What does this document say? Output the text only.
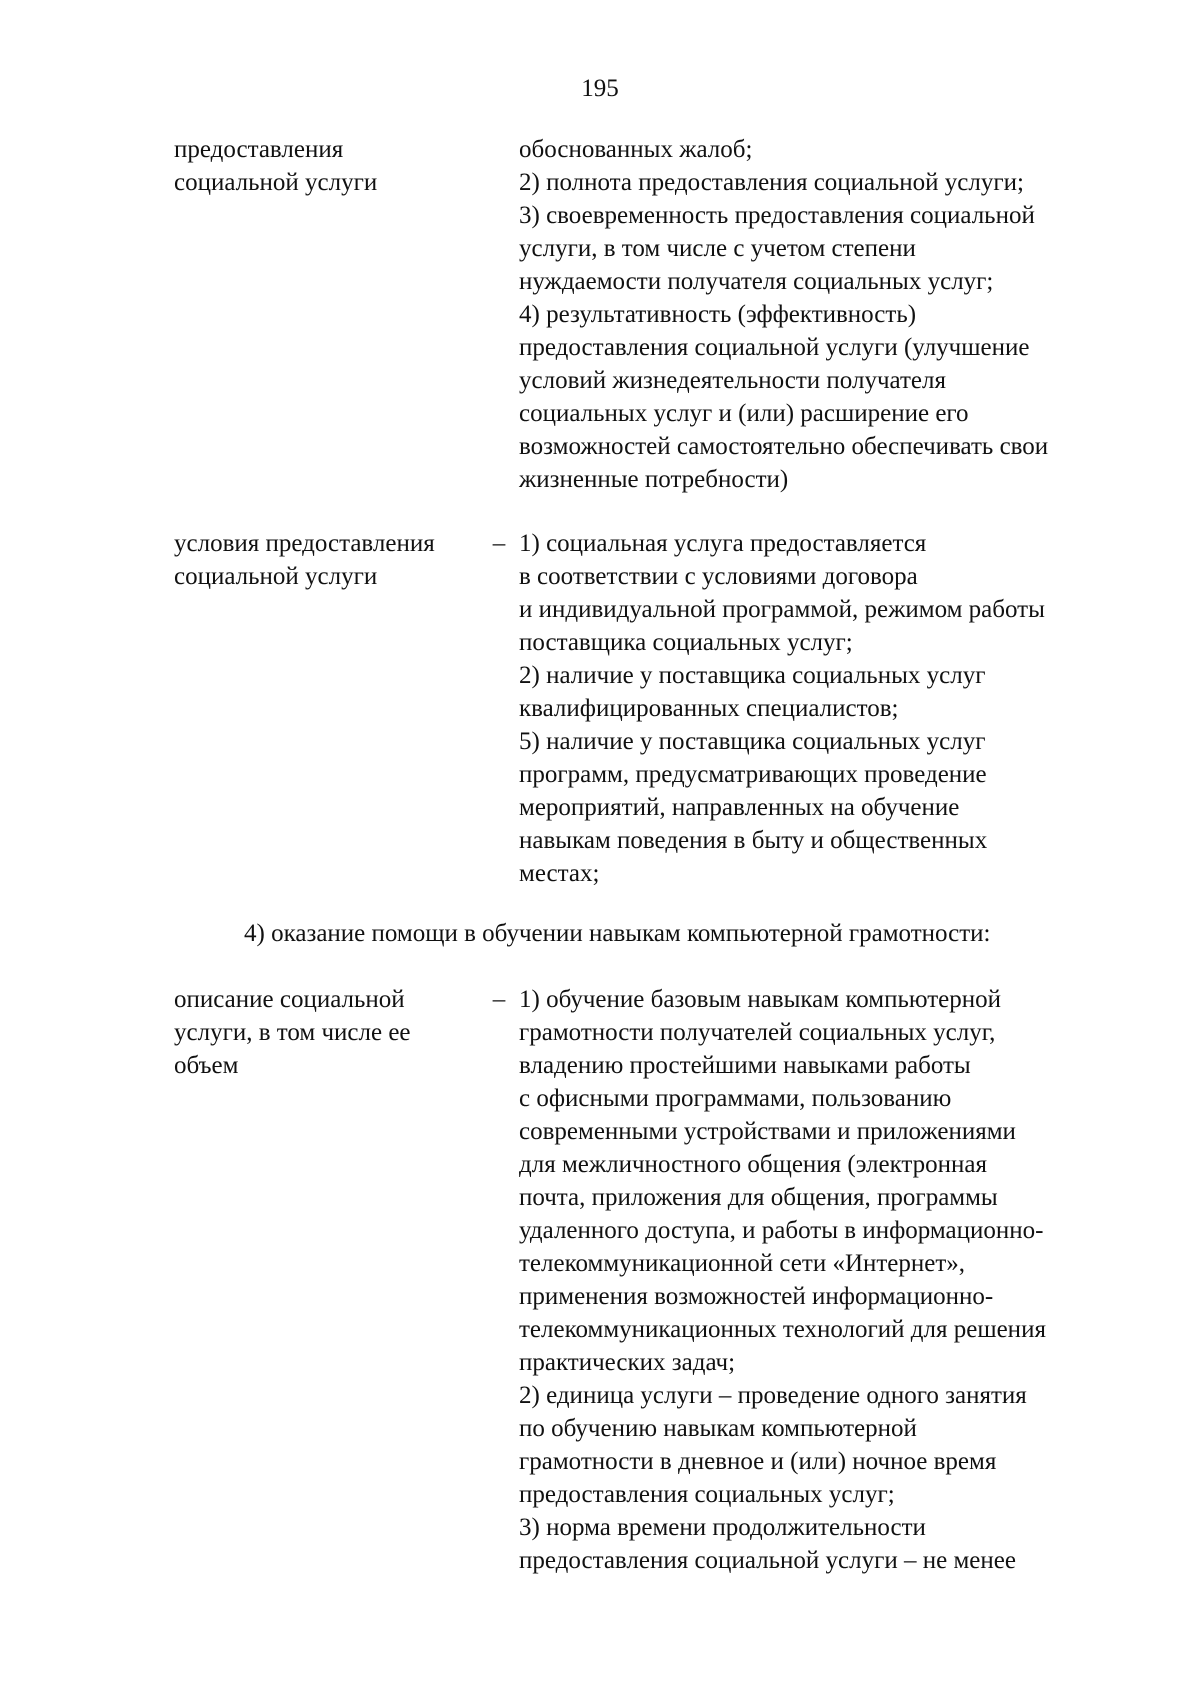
195
предоставления
социальной услуги
обоснованных жалоб;
2) полнота предоставления социальной услуги;
3) своевременность предоставления социальной
услуги, в том числе с учетом степени
нуждаемости получателя социальных услуг;
4) результативность (эффективность)
предоставления социальной услуги (улучшение
условий жизнедеятельности получателя
социальных услуг и (или) расширение его
возможностей самостоятельно обеспечивать свои
жизненные потребности)
условия предоставления
социальной услуги
– 1) социальная услуга предоставляется
в соответствии с условиями договора
и индивидуальной программой, режимом работы
поставщика социальных услуг;
2) наличие у поставщика социальных услуг
квалифицированных специалистов;
5) наличие у поставщика социальных услуг
программ, предусматривающих проведение
мероприятий, направленных на обучение
навыкам поведения в быту и общественных
местах;
4) оказание помощи в обучении навыкам компьютерной грамотности:
описание социальной
услуги, в том числе ее
объем
– 1) обучение базовым навыкам компьютерной
грамотности получателей социальных услуг,
владению простейшими навыками работы
с офисными программами, пользованию
современными устройствами и приложениями
для межличностного общения (электронная
почта, приложения для общения, программы
удаленного доступа, и работы в информационно-
телекоммуникационной сети «Интернет»,
применения возможностей информационно-
телекоммуникационных технологий для решения
практических задач;
2) единица услуги – проведение одного занятия
по обучению навыкам компьютерной
грамотности в дневное и (или) ночное время
предоставления социальных услуг;
3) норма времени продолжительности
предоставления социальной услуги – не менее
